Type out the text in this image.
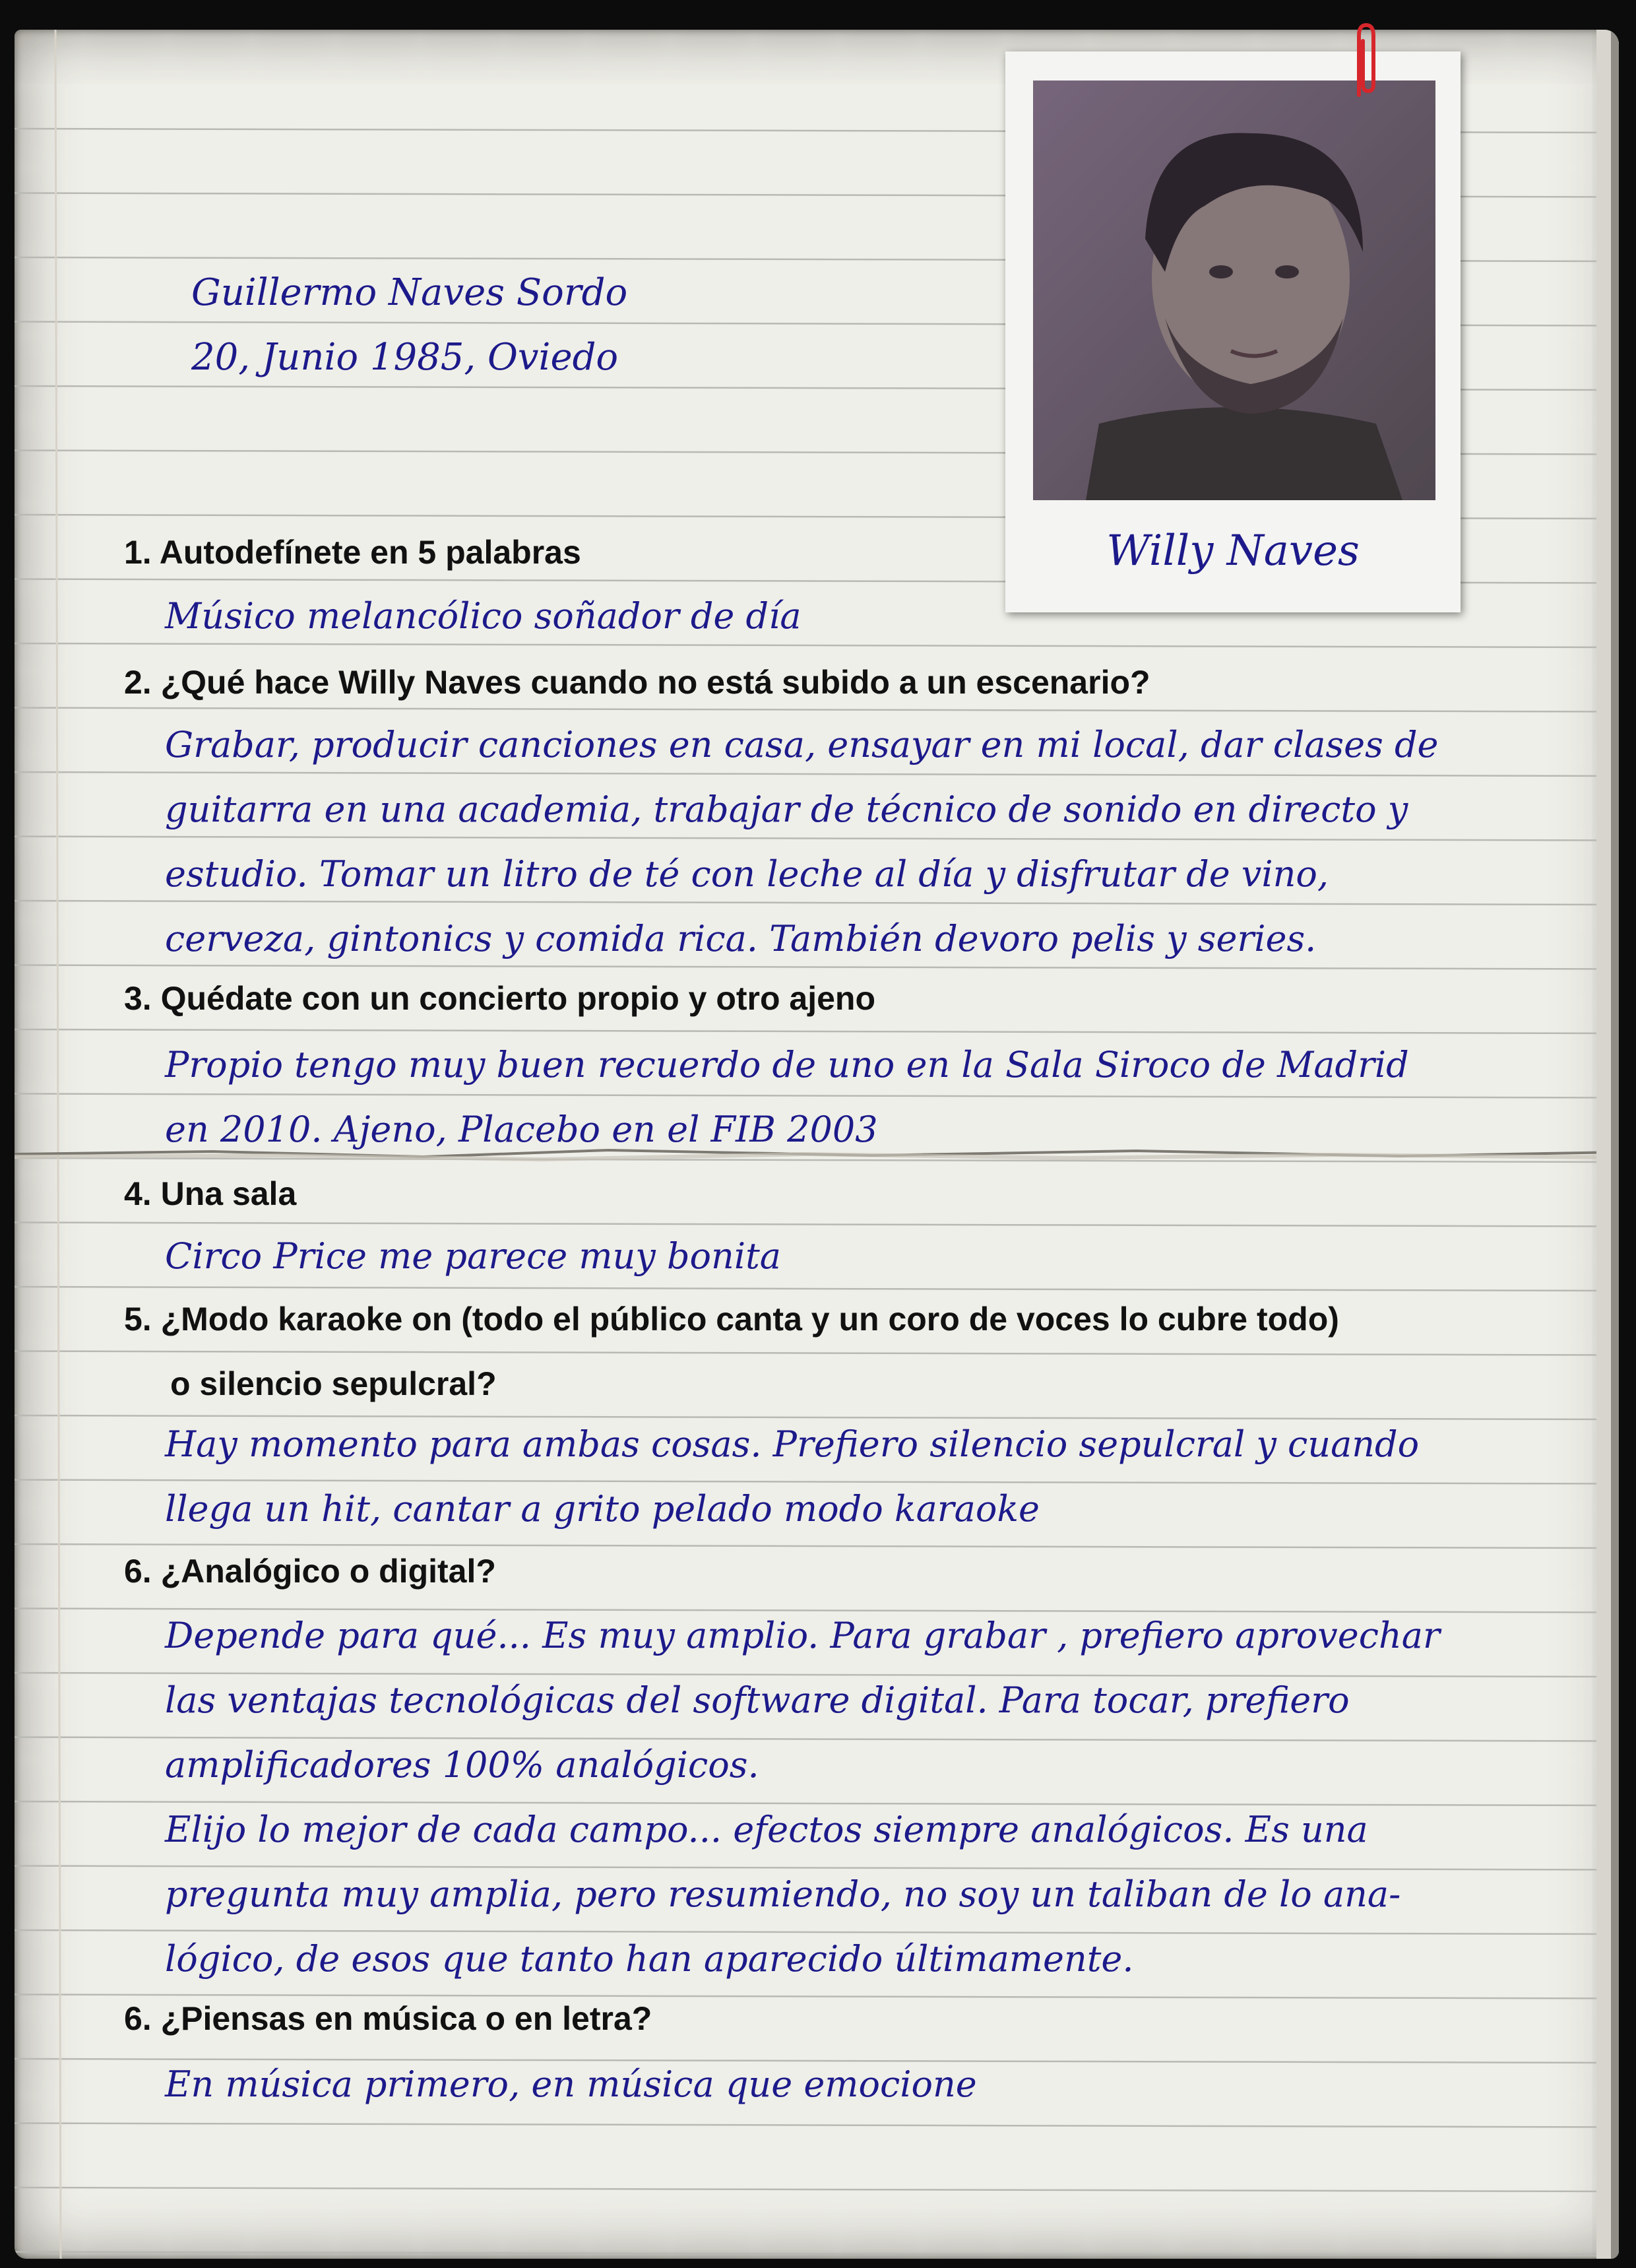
Guillermo Naves Sordo
20, Junio 1985, Oviedo
Willy Naves
1. Autodefínete en 5 palabras
Músico melancólico soñador de día
2. ¿Qué hace Willy Naves cuando no está subido a un escenario?
Grabar, producir canciones en casa, ensayar en mi local, dar clases de
guitarra en una academia, trabajar de técnico de sonido en directo y
estudio. Tomar un litro de té con leche al día y disfrutar de vino,
cerveza, gintonics y comida rica. También devoro pelis y series.
3. Quédate con un concierto propio y otro ajeno
Propio tengo muy buen recuerdo de uno en la Sala Siroco de Madrid
en 2010. Ajeno, Placebo en el FIB 2003
4. Una sala
Circo Price me parece muy bonita
5. ¿Modo karaoke on (todo el público canta y un coro de voces lo cubre todo)
o silencio sepulcral?
Hay momento para ambas cosas. Prefiero silencio sepulcral y cuando
llega un hit, cantar a grito pelado modo karaoke
6. ¿Analógico o digital?
Depende para qué... Es muy amplio. Para grabar , prefiero aprovechar
las ventajas tecnológicas del software digital. Para tocar, prefiero
amplificadores 100% analógicos.
Elijo lo mejor de cada campo... efectos siempre analógicos. Es una
pregunta muy amplia, pero resumiendo, no soy un taliban de lo ana-
lógico, de esos que tanto han aparecido últimamente.
6. ¿Piensas en música o en letra?
En música primero, en música que emocione
